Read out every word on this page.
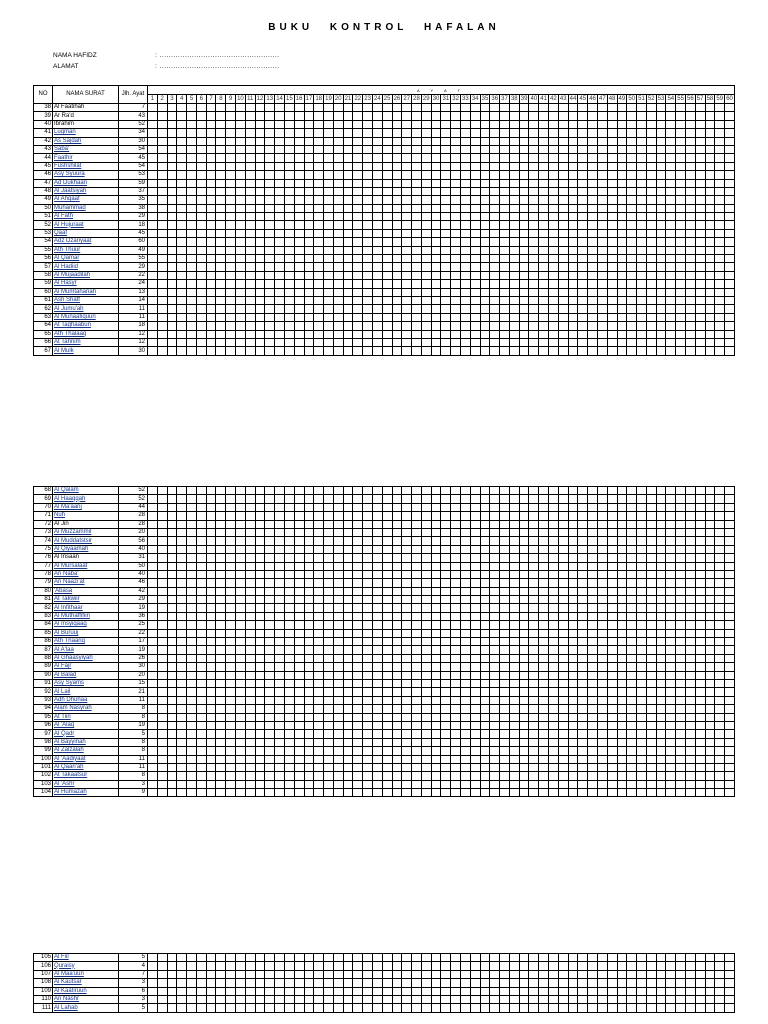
BUKU KONTROL HAFALAN
NAMA HAFIDZ	: ....................................................
ALAMAT	: ....................................................
NO	NAMA SURAT	Jlh. Ayat	A Y A T																																																											
			1	2	3	4	5	6	7	8	9	10	11	12	13	14	15	16	17	18	19	20	21	22	23	24	25	26	27	28	29	30	31	32	33	34	35	36	37	38	39	40	41	42	43	44	45	46	47	48	49	50	51	52	53	54	55	56	57	58	59	60
38	Al Faatihah	7																																																												
39	Ar Ra'd	43																																																												
40	Ibrahim	52																																																												
41	Luqman	34																																																												
42	As Sajdah	30																																																												
43	Saba'	54																																																												
44	Faathir	45																																																												
45	Fushshilat	54																																																												
46	Asy Syuura	53																																																												
47	Ad Dukhaan	59																																																												
48	Al Jaatsiyah	37																																																												
49	Al Ahqaaf	35																																																												
50	Muhammad	38																																																												
51	Al Fath	29																																																												
52	Al Hujuraat	18																																																												
53	Qaaf	45																																																												
54	Adz Dzariyaat	60																																																												
55	Ath Thuur	49																																																												
56	Al Qamar	55																																																												
57	Al Hadiid	29																																																												
58	Al Mujaadilah	22																																																												
59	Al Hasyr	24																																																												
60	Al Mumtahanah	13																																																												
61	Ash Shaff	14																																																												
62	Al Jumu'ah	11																																																												
63	Al Munaafiquun	11																																																												
64	At Taghaabun	18																																																												
65	Ath Thalaaq	12																																																												
66	At Tahriim	12																																																												
67	Al Mulk	30																																																												
68	Al Qalam	52																																																												
69	Al Haaqqah	52																																																												
70	Al Ma'aarij	44																																																												
71	Nuh	28																																																												
72	Al Jin	28																																																												
73	Al Muzzammil	20																																																												
74	Al Muddatstsir	56																																																												
75	Al Qiyaamah	40																																																												
76	Al Insaan	31																																																												
77	Al Mursalaat	50																																																												
78	An Naba'	40																																																												
79	An Naazi'at	46																																																												
80	'Abasa	42																																																												
81	At Takwiir	29																																																												
82	Al Infithaar	19																																																												
83	Al Muthaffifiin	36																																																												
84	Al Insyiqaaq	25																																																												
85	Al Buruuj	22																																																												
86	Ath Thaariq	17																																																												
87	Al A'laa	19																																																												
88	Al Ghaasyiyah	26																																																												
89	Al Fajr	30																																																												
90	Al Balad	20																																																												
91	Asy Syams	15																																																												
92	Al Lail	21																																																												
93	Adh Dhuhaa	11																																																												
94	Alam Nasyrah	8																																																												
95	At Tiin	8																																																												
96	Al 'Alaq	19																																																												
97	Al Qadr	5																																																												
98	Al Bayyinah	8																																																												
99	Al Zalzalah	8																																																												
100	Al 'Aadiyaat	11																																																												
101	Al Qaari'ah	11																																																												
102	At Takaatsur	8																																																												
103	Al 'Ashr	3																																																												
104	Al Humazah	9																																																												
105	Al Fiil	5																																																												
106	Quraisy	4																																																												
107	Al Maa'uun	7																																																												
108	Al Kautsar	3																																																												
109	Al Kaafiruun	6																																																												
110	An Nashr	3																																																												
111	Al Lahab	5																																																												
